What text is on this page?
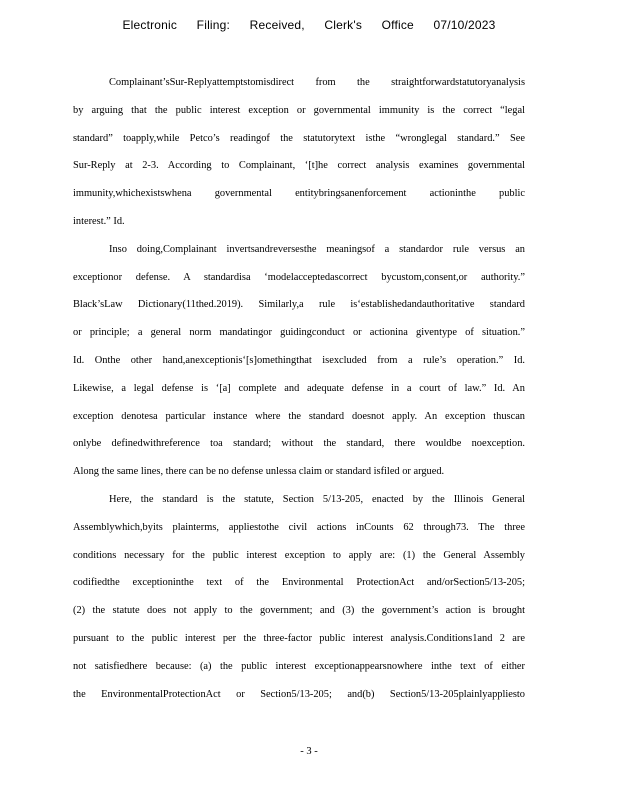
Electronic Filing: Received, Clerk's Office 07/10/2023
Complainant’sSur-Replyattemptstomisdirect from the straightforwardstatutoryanalysis
by arguing that the public interest exception or governmental immunity is the correct “legal
standard” toapply,while Petco’s readingof the statutorytext isthe “wronglegal standard.” See
Sur-Reply at 2-3. According to Complainant, ‘[t]he correct analysis examines governmental
immunity,whichexistswhena governmental entitybringsanenforcement actioninthe public
interest.” Id.
Inso doing,Complainant invertsandreversesthe meaningsof a standardor rule versus an
exceptionor defense. A standardisa ‘modelacceptedascorrect bycustom,consent,or authority.”
Black’sLaw Dictionary(11thed.2019). Similarly,a rule is‘establishedandauthoritative standard
or principle; a general norm mandatingor guidingconduct or actionina giventype of situation.”
Id. Onthe other hand,anexceptionis‘[s]omethingthat isexcluded from a rule’s operation.” Id.
Likewise, a legal defense is ‘[a] complete and adequate defense in a court of law.” Id. An
exception denotesa particular instance where the standard doesnot apply. An exception thuscan
onlybe definedwithreference toa standard; without the standard, there wouldbe noexception.
Along the same lines, there can be no defense unlessa claim or standard isfiled or argued.
Here, the standard is the statute, Section 5/13-205, enacted by the Illinois General
Assemblywhich,byits plainterms, appliestothe civil actions inCounts 62 through73. The three
conditions necessary for the public interest exception to apply are: (1) the General Assembly
codifiedthe exceptioninthe text of the Environmental ProtectionAct and/orSection5/13-205;
(2) the statute does not apply to the government; and (3) the government’s action is brought
pursuant to the public interest per the three-factor public interest analysis.Conditions1and 2 are
not satisfiedhere because: (a) the public interest exceptionappearsnowhere inthe text of either
the EnvironmentalProtectionAct or Section5/13-205; and(b) Section5/13-205plainlyappliesto
- 3 -
